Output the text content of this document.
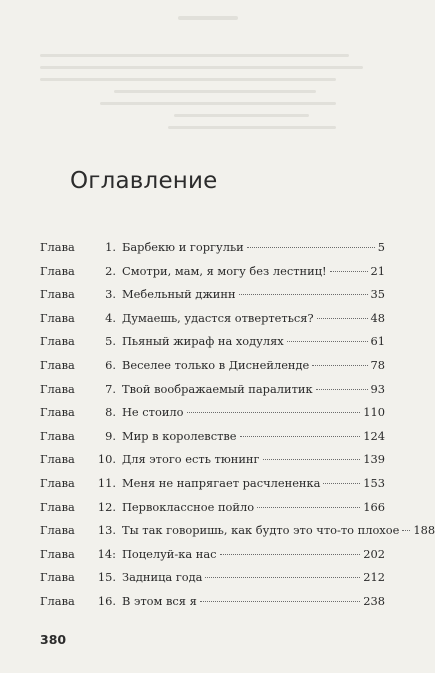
Оглавление
Глава	1. Барбекю и горгульи	5
Глава	2. Смотри, мам, я могу без лестниц!	21
Глава	3. Мебельный джинн	35
Глава	4. Думаешь, удастся отвертеться?	48
Глава	5. Пьяный жираф на ходулях	61
Глава	6. Веселее только в Диснейленде	78
Глава	7. Твой воображаемый паралитик	93
Глава	8. Не стоило	110
Глава	9. Мир в королевстве	124
Глава	10. Для этого есть тюнинг	139
Глава	11. Меня не напрягает расчлененка	153
Глава	12. Первоклассное пойло	166
Глава	13. Ты так говоришь, как будто это что-то плохое 188
Глава	14: Поцелуй-ка нас	202
Глава	15. Задница года	212
Глава	16. В этом вся я	238
380
